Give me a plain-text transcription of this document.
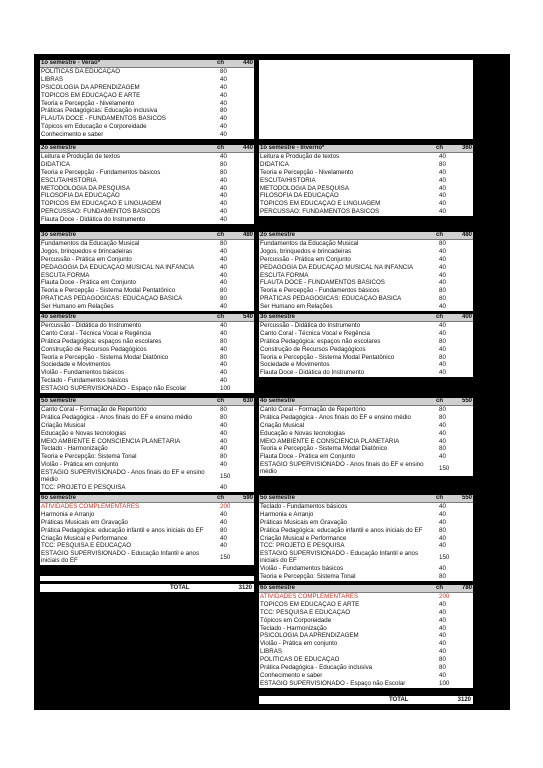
1o semestre - Verão*	ch	440
POLÍTICAS DA EDUCAÇÃO	80
LIBRAS	40
PSICOLOGIA DA APRENDIZAGEM	40
TÓPICOS EM EDUCAÇÃO E ARTE	40
Teoria e Percepção - Nivelamento	40
Práticas Pedagógicas: Educação inclusiva	80
FLAUTA DOCE - FUNDAMENTOS BÁSICOS	40
Tópicos em Educação e Corporeidade	40
Conhecimento e saber	40
2o semestre	ch	440
Leitura e Produção de textos	40
DIDÁTICA	80
Teoria e Percepção - Fundamentos básicos	80
ESCUTA/HISTÓRIA	40
METODOLOGIA DA PESQUISA	40
FILOSOFIA DA EDUCAÇÃO	40
TÓPICOS EM EDUCAÇÃO E LINGUAGEM	40
PERCUSSÃO: FUNDAMENTOS BÁSICOS	40
Flauta Doce - Didática do Instrumento	40
3o semestre	ch	480
Fundamentos da Educação Musical	80
Jogos, brinquedos e brincadeiras	40
Percussão - Prática em Conjunto	40
PEDAGOGIA DA EDUCAÇÃO MUSICAL NA INFÂNCIA	40
ESCUTA FORMA	40
Flauta Doce - Prática em Conjunto	40
Teoria e Percepção - Sistema Modal Pentatônico	80
PRÁTICAS PEDAGÓGICAS: EDUCAÇÃO BÁSICA	80
Ser Humano em Relações	40
4o semestre	ch	540
Percussão - Didática do Instrumento	40
Canto Coral - Técnica Vocal e Regência	40
Prática Pedagógica: espaços não escolares	80
Construção de Recursos Pedagógicos	40
Teoria e Percepção - Sistema Modal Diatônico	80
Sociedade e Movimentos	40
Violão - Fundamentos básicos	40
Teclado - Fundamentos básicos	40
ESTÁGIO SUPERVISIONADO - Espaço não Escolar	100
5o semestre	ch	630
Canto Coral - Formação de Repertório	80
Prática Pedagógica - Anos finais do EF e ensino médio	80
Criação Musical	40
Educação e Novas tecnologias	40
MEIO AMBIENTE E CONSCIÊNCIA PLANETÁRIA	40
Teclado - Harmonização	40
Teoria e Percepção: Sistema Tonal	80
Violão - Prática em conjunto	40
ESTÁGIO SUPERVISIONADO - Anos finais do EF e ensino médio	150
TCC: PROJETO E PESQUISA	40
6o semestre	ch	590
ATIVIDADES COMPLEMENTARES	200
Harmonia e Arranjo	40
Práticas Musicais em Gravação	40
Prática Pedagógica: educação infantil e anos iniciais do EF	80
Criação Musical e Performance	40
TCC: PESQUISA E EDUCAÇÃO	40
ESTÁGIO SUPERVISIONADO - Educação Infantil e anos iniciais do EF	150
TOTAL	3120
1o semestre - Inverno*	ch	360
Leitura e Produção de textos	40
DIDÁTICA	80
Teoria e Percepção - Nivelamento	40
ESCUTA/HISTÓRIA	40
METODOLOGIA DA PESQUISA	40
FILOSOFIA DA EDUCAÇÃO	40
TÓPICOS EM EDUCAÇÃO E LINGUAGEM	40
PERCUSSÃO: FUNDAMENTOS BÁSICOS	40
2o semestre	ch	480
Fundamentos da Educação Musical	80
Jogos, brinquedos e brincadeiras	40
Percussão - Prática em Conjunto	40
PEDAGOGIA DA EDUCAÇÃO MUSICAL NA INFÂNCIA	40
ESCUTA FORMA	40
FLAUTA DOCE - FUNDAMENTOS BÁSICOS	40
Teoria e Percepção - Fundamentos básicos	80
PRÁTICAS PEDAGÓGICAS: EDUCAÇÃO BÁSICA	80
Ser Humano em Relações	40
3o semestre	ch	400
Percussão - Didática do Instrumento	40
Canto Coral - Técnica Vocal e Regência	40
Prática Pedagógica: espaços não escolares	80
Construção de Recursos Pedagógicos	40
Teoria e Percepção - Sistema Modal Pentatônico	80
Sociedade e Movimentos	40
Flauta Doce - Didática do Instrumento	40
4o semestre	ch	550
Canto Coral - Formação de Repertório	80
Prática Pedagógica - Anos finais do EF e ensino médio	80
Criação Musical	40
Educação e Novas tecnologias	40
MEIO AMBIENTE E CONSCIÊNCIA PLANETÁRIA	40
Teoria e Percepção - Sistema Modal Diatônico	80
Flauta Doce - Prática em Conjunto	40
ESTÁGIO SUPERVISIONADO - Anos finais do EF e ensino médio	150
5o semestre	ch	550
Teclado - Fundamentos básicos	40
Harmonia e Arranjo	40
Práticas Musicais em Gravação	40
Prática Pedagógica: educação infantil e anos iniciais do EF	80
Criação Musical e Performance	40
TCC: PROJETO E PESQUISA	40
ESTÁGIO SUPERVISIONADO - Educação Infantil e anos iniciais do EF	150
Violão - Fundamentos básicos	40
Teoria e Percepção: Sistema Tonal	80
6o semestre	ch	780
ATIVIDADES COMPLEMENTARES	200
TÓPICOS EM EDUCAÇÃO E ARTE	40
TCC: PESQUISA E EDUCAÇÃO	40
Tópicos em Corporeidade	40
Teclado - Harmonização	40
PSICOLOGIA DA APRENDIZAGEM	40
Violão - Prática em conjunto	40
LIBRAS	40
POLÍTICAS DE EDUCAÇÃO	80
Prática Pedagógica - Educação inclusiva	80
Conhecimento e saber	40
ESTÁGIO SUPERVISIONADO - Espaço não Escolar	100
TOTAL	3120
